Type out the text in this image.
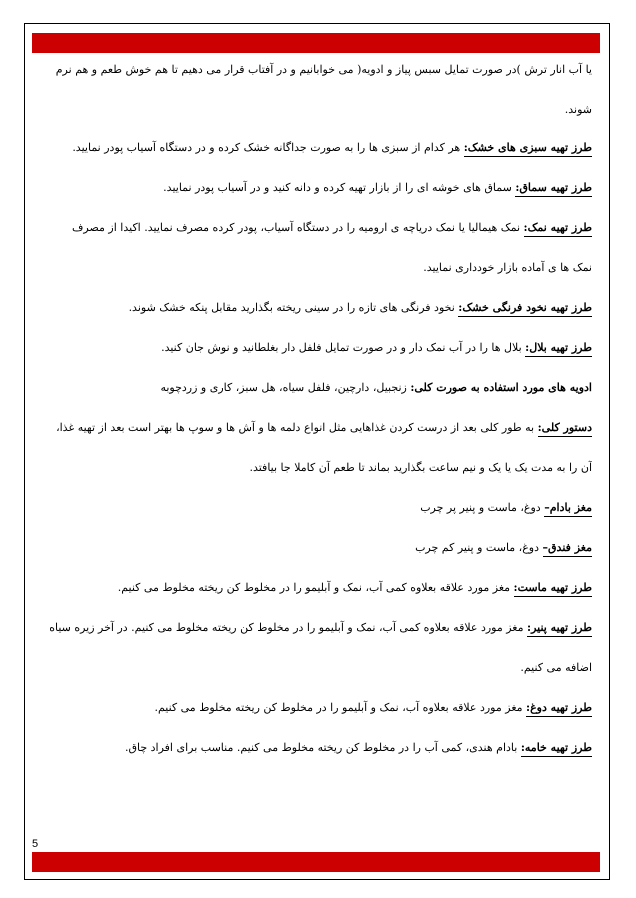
یا آب انار ترش )در صورت تمایل سبس پیاز و ادویه( می خوابانیم و در آفتاب قرار می دهیم تا هم خوش طعم و هم نرم
شوند.
طرز تهیه سبزی های خشک: هر کدام از سبزی ها را به صورت جداگانه خشک کرده و در دستگاه آسیاب پودر نمایید.
طرز تهیه سماق: سماق های خوشه ای را از بازار تهیه کرده و دانه کنید و در آسیاب پودر نمایید.
طرز تهیه نمک: نمک هیمالیا یا نمک دریاچه ی ارومیه را در دستگاه آسیاب، پودر کرده مصرف نمایید. اکیدا از مصرف
نمک ها ی آماده بازار خودداری نمایید.
طرز تهیه نخود فرنگی خشک: نخود فرنگی های تازه را در سینی ریخته بگذارید مقابل پنکه خشک شوند.
طرز تهیه بلال: بلال ها را در آب نمک دار و در صورت تمایل فلفل دار بغلطانید و نوش جان کنید.
ادویه های مورد استفاده به صورت کلی: زنجبیل، دارچین، فلفل سیاه، هل سبز، کاری و زردچوبه
دستور کلی: به طور کلی بعد از درست کردن غذاهایی مثل انواع دلمه ها و آش ها و سوپ ها بهتر است بعد از تهیه غذا،
آن را به مدت یک یا یک و نیم ساعت بگذارید بماند تا طعم آن کاملا جا بیافتد.
مغز بادام– دوغ، ماست و پنیر پر چرب
مغز فندق– دوغ، ماست و پنیر کم چرب
طرز تهیه ماست: مغز مورد علاقه بعلاوه کمی آب، نمک و آبلیمو را در مخلوط کن ریخته مخلوط می کنیم.
طرز تهیه پنیر: مغز مورد علاقه بعلاوه کمی آب، نمک و آبلیمو را در مخلوط کن ریخته مخلوط می کنیم. در آخر زیره سیاه
اضافه می کنیم.
طرز تهیه دوغ: مغز مورد علاقه بعلاوه آب، نمک و آبلیمو را در مخلوط کن ریخته مخلوط می کنیم.
طرز تهیه خامه: بادام هندی، کمی آب را در مخلوط کن ریخته مخلوط می کنیم. مناسب برای افراد چاق.
5
